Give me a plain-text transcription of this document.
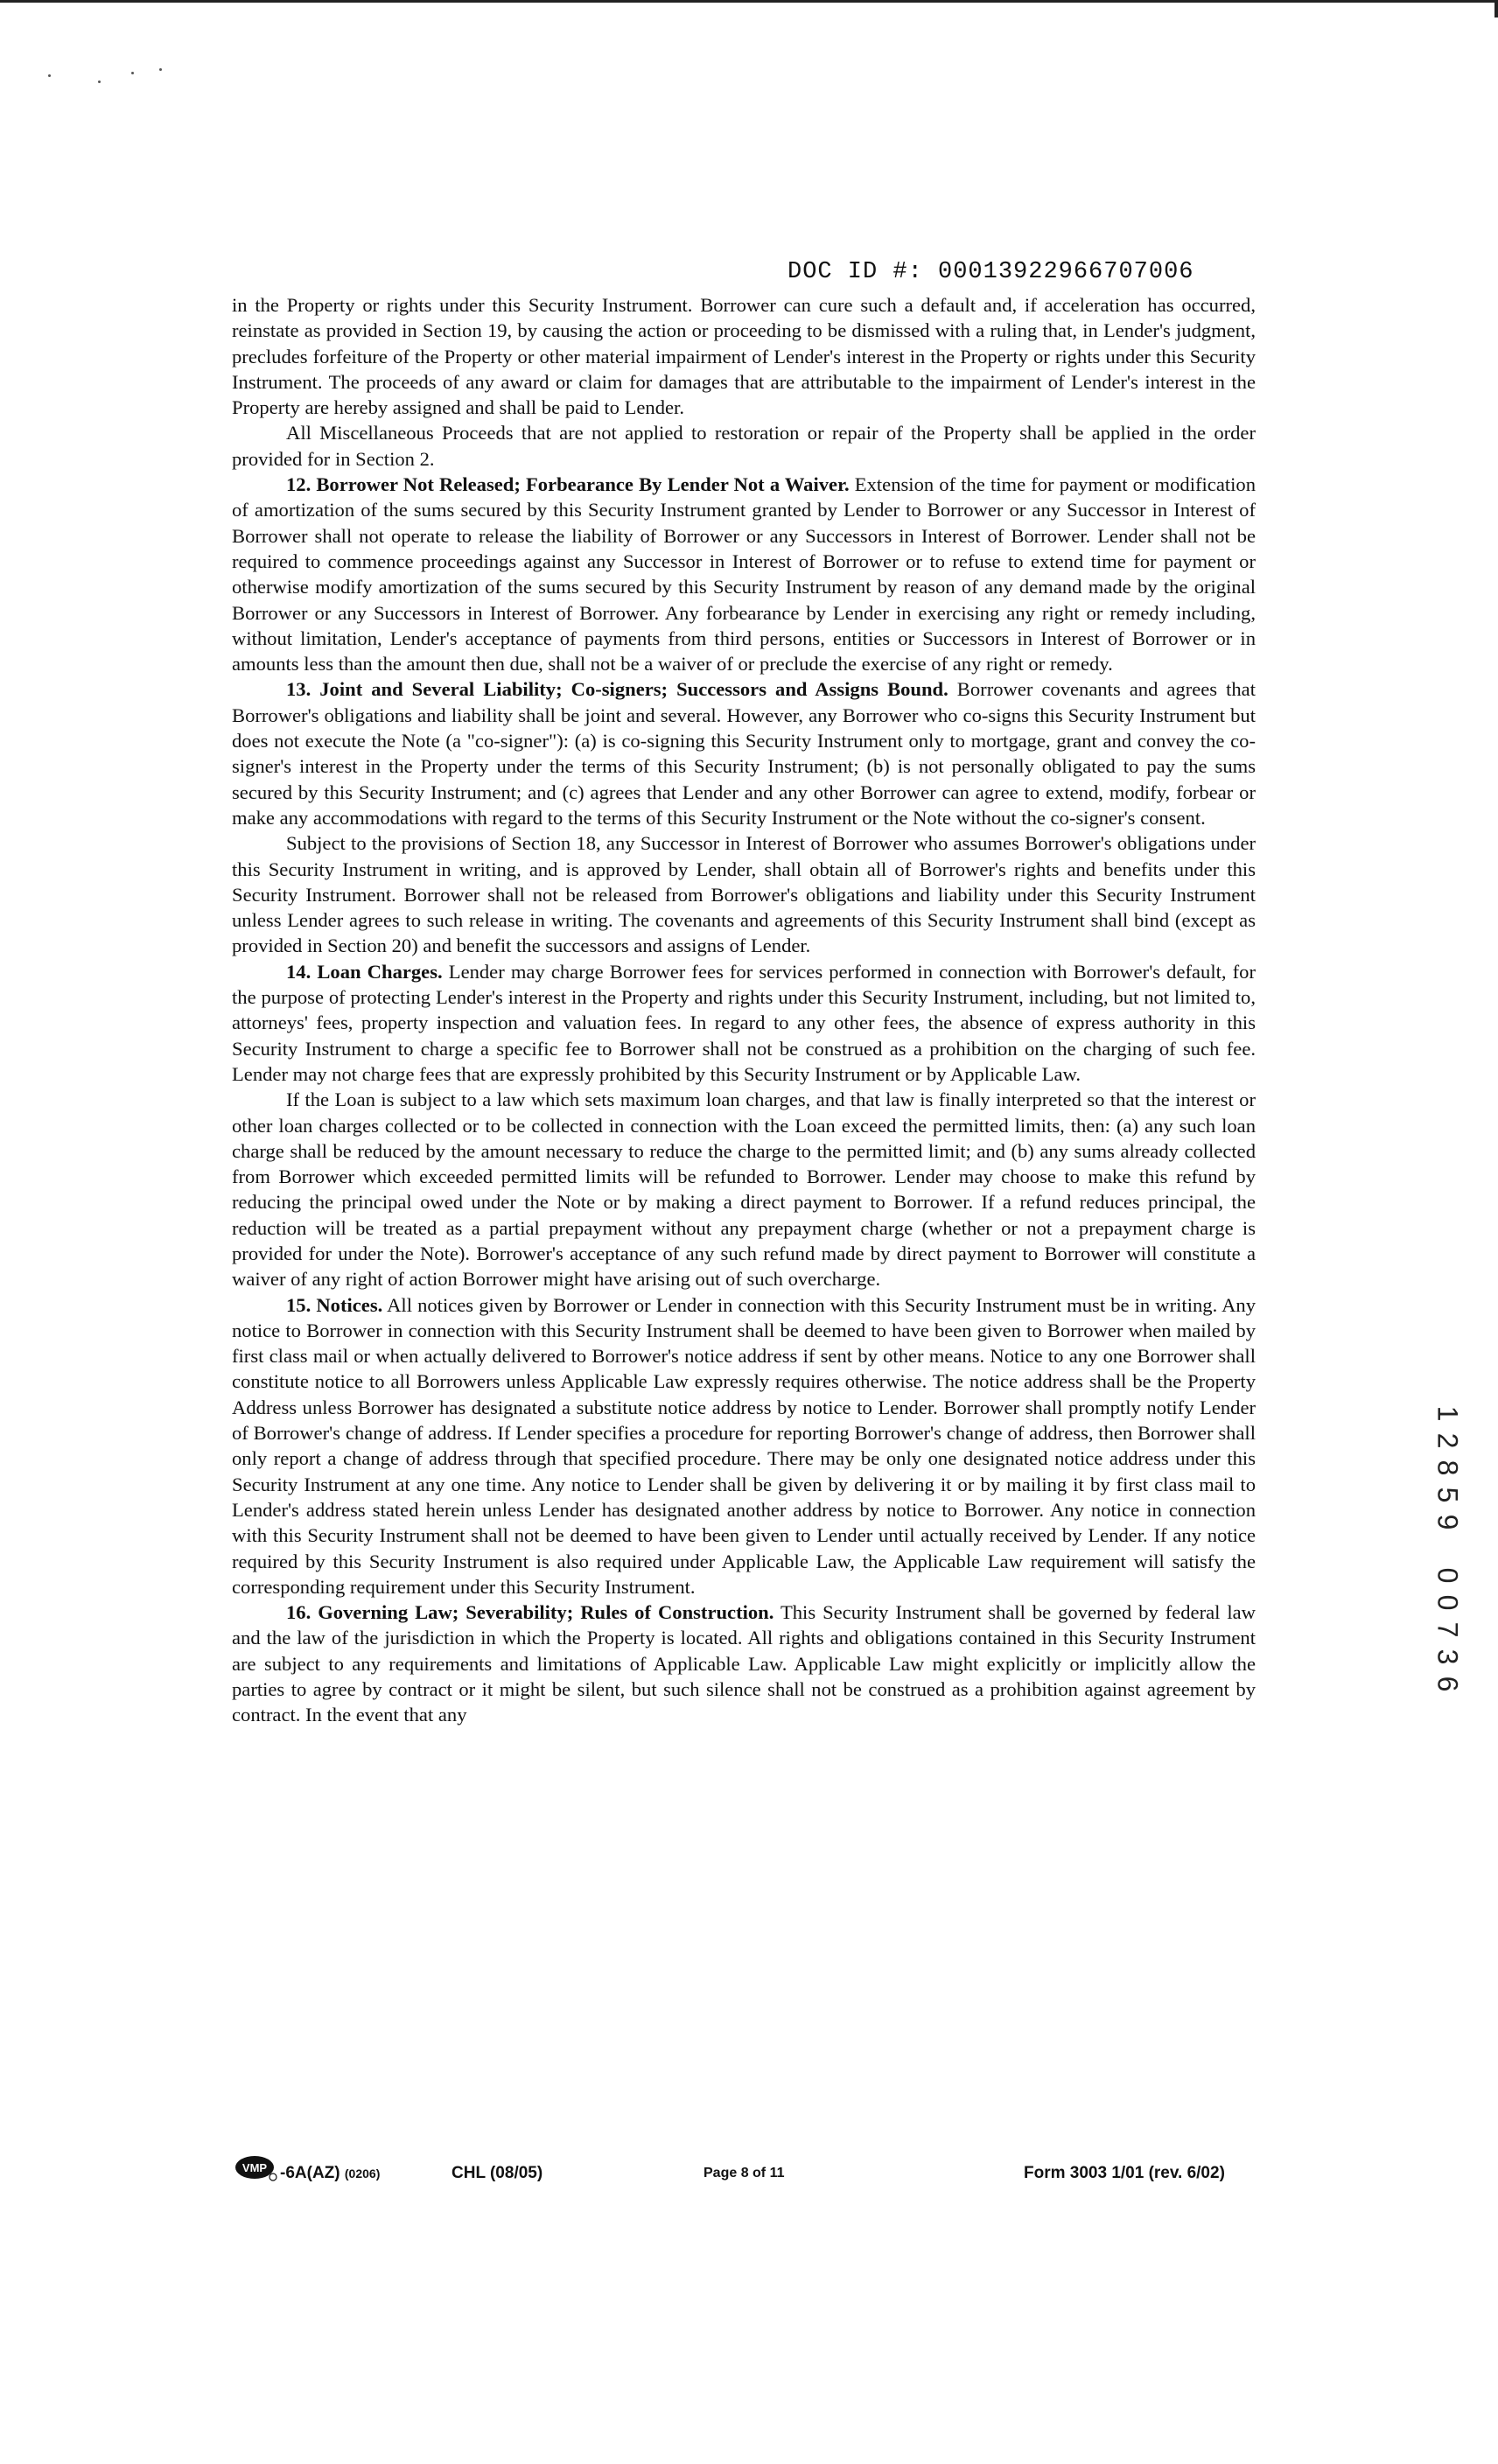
DOC ID #: 00013922966707006

in the Property or rights under this Security Instrument. Borrower can cure such a default and, if acceleration has occurred, reinstate as provided in Section 19, by causing the action or proceeding to be dismissed with a ruling that, in Lender's judgment, precludes forfeiture of the Property or other material impairment of Lender's interest in the Property or rights under this Security Instrument. The proceeds of any award or claim for damages that are attributable to the impairment of Lender's interest in the Property are hereby assigned and shall be paid to Lender.

All Miscellaneous Proceeds that are not applied to restoration or repair of the Property shall be applied in the order provided for in Section 2.

12. Borrower Not Released; Forbearance By Lender Not a Waiver. Extension of the time for payment or modification of amortization of the sums secured by this Security Instrument granted by Lender to Borrower or any Successor in Interest of Borrower shall not operate to release the liability of Borrower or any Successors in Interest of Borrower. Lender shall not be required to commence proceedings against any Successor in Interest of Borrower or to refuse to extend time for payment or otherwise modify amortization of the sums secured by this Security Instrument by reason of any demand made by the original Borrower or any Successors in Interest of Borrower. Any forbearance by Lender in exercising any right or remedy including, without limitation, Lender's acceptance of payments from third persons, entities or Successors in Interest of Borrower or in amounts less than the amount then due, shall not be a waiver of or preclude the exercise of any right or remedy.

13. Joint and Several Liability; Co-signers; Successors and Assigns Bound. Borrower covenants and agrees that Borrower's obligations and liability shall be joint and several. However, any Borrower who co-signs this Security Instrument but does not execute the Note (a "co-signer"): (a) is co-signing this Security Instrument only to mortgage, grant and convey the co-signer's interest in the Property under the terms of this Security Instrument; (b) is not personally obligated to pay the sums secured by this Security Instrument; and (c) agrees that Lender and any other Borrower can agree to extend, modify, forbear or make any accommodations with regard to the terms of this Security Instrument or the Note without the co-signer's consent.

Subject to the provisions of Section 18, any Successor in Interest of Borrower who assumes Borrower's obligations under this Security Instrument in writing, and is approved by Lender, shall obtain all of Borrower's rights and benefits under this Security Instrument. Borrower shall not be released from Borrower's obligations and liability under this Security Instrument unless Lender agrees to such release in writing. The covenants and agreements of this Security Instrument shall bind (except as provided in Section 20) and benefit the successors and assigns of Lender.

14. Loan Charges. Lender may charge Borrower fees for services performed in connection with Borrower's default, for the purpose of protecting Lender's interest in the Property and rights under this Security Instrument, including, but not limited to, attorneys' fees, property inspection and valuation fees. In regard to any other fees, the absence of express authority in this Security Instrument to charge a specific fee to Borrower shall not be construed as a prohibition on the charging of such fee. Lender may not charge fees that are expressly prohibited by this Security Instrument or by Applicable Law.

If the Loan is subject to a law which sets maximum loan charges, and that law is finally interpreted so that the interest or other loan charges collected or to be collected in connection with the Loan exceed the permitted limits, then: (a) any such loan charge shall be reduced by the amount necessary to reduce the charge to the permitted limit; and (b) any sums already collected from Borrower which exceeded permitted limits will be refunded to Borrower. Lender may choose to make this refund by reducing the principal owed under the Note or by making a direct payment to Borrower. If a refund reduces principal, the reduction will be treated as a partial prepayment without any prepayment charge (whether or not a prepayment charge is provided for under the Note). Borrower's acceptance of any such refund made by direct payment to Borrower will constitute a waiver of any right of action Borrower might have arising out of such overcharge.

15. Notices. All notices given by Borrower or Lender in connection with this Security Instrument must be in writing. Any notice to Borrower in connection with this Security Instrument shall be deemed to have been given to Borrower when mailed by first class mail or when actually delivered to Borrower's notice address if sent by other means. Notice to any one Borrower shall constitute notice to all Borrowers unless Applicable Law expressly requires otherwise. The notice address shall be the Property Address unless Borrower has designated a substitute notice address by notice to Lender. Borrower shall promptly notify Lender of Borrower's change of address. If Lender specifies a procedure for reporting Borrower's change of address, then Borrower shall only report a change of address through that specified procedure. There may be only one designated notice address under this Security Instrument at any one time. Any notice to Lender shall be given by delivering it or by mailing it by first class mail to Lender's address stated herein unless Lender has designated another address by notice to Borrower. Any notice in connection with this Security Instrument shall not be deemed to have been given to Lender until actually received by Lender. If any notice required by this Security Instrument is also required under Applicable Law, the Applicable Law requirement will satisfy the corresponding requirement under this Security Instrument.

16. Governing Law; Severability; Rules of Construction. This Security Instrument shall be governed by federal law and the law of the jurisdiction in which the Property is located. All rights and obligations contained in this Security Instrument are subject to any requirements and limitations of Applicable Law. Applicable Law might explicitly or implicitly allow the parties to agree by contract or it might be silent, but such silence shall not be construed as a prohibition against agreement by contract. In the event that any

1
2
8
5
9
0
0
7
3
6
VMP -6A(AZ) (0206)	CHL (08/05)	Page 8 of 11	Form 3003 1/01 (rev. 6/02)
